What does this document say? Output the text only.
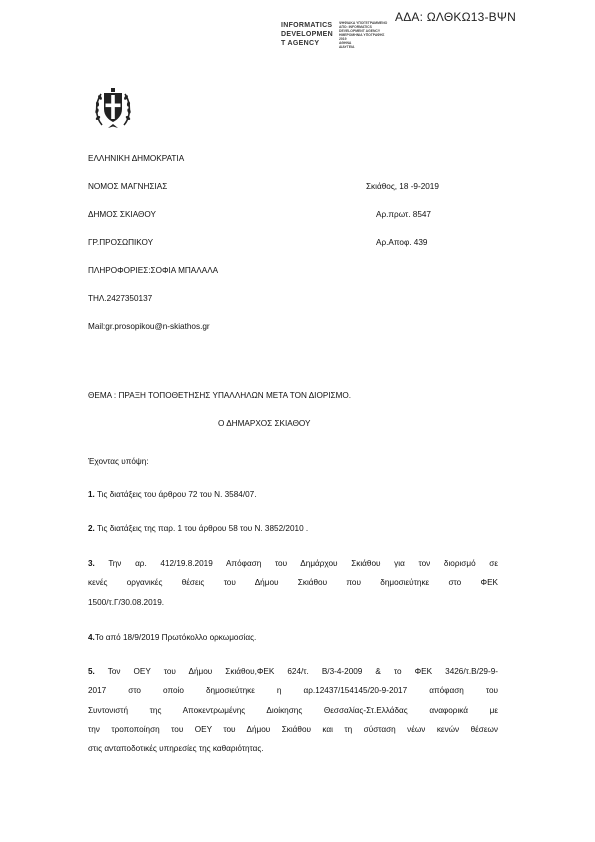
ΑΔΑ: ΩΛΘΚΩ13-ΒΨΝ
INFORMATICS
DEVELOPMEN
T AGENCY
ΨΗΦΙΑΚΑ ΥΠΟΓΕΓΡΑΜΜΕΝΟ
ΑΠΟ: INFORMATICS
DEVELOPMENT AGENCY
ΗΜΕΡΟΜΗΝΙΑ ΥΠΟΓΡΑΦΗΣ
2019
ΑΘΗΝΑ
ΔΙΑΥΓΕΙΑ
ΕΛΛΗΝΙΚΗ ΔΗΜΟΚΡΑΤΙΑ
ΝΟΜΟΣ ΜΑΓΝΗΣΙΑΣ	Σκιάθος, 18 -9-2019
ΔΗΜΟΣ ΣΚΙΑΘΟΥ	Αρ.πρωτ. 8547
ΓΡ.ΠΡΟΣΩΠΙΚΟΥ	Αρ.Αποφ. 439
ΠΛΗΡΟΦΟΡΙΕΣ:ΣΟΦΙΑ ΜΠΑΛΑΛΑ
ΤΗΛ.2427350137
Mail:gr.prosopikou@n-skiathos.gr
ΘΕΜΑ : ΠΡΑΞΗ ΤΟΠΟΘΕΤΗΣΗΣ ΥΠΑΛΛΗΛΩΝ ΜΕΤΑ ΤΟΝ ΔΙΟΡΙΣΜΟ.
Ο ΔΗΜΑΡΧΟΣ ΣΚΙΑΘΟΥ
Έχοντας υπόψη:
1. Τις διατάξεις του άρθρου 72 του Ν. 3584/07.
2. Τις διατάξεις της παρ. 1 του άρθρου 58 του Ν. 3852/2010 .
3. Την αρ. 412/19.8.2019 Απόφαση του Δημάρχου Σκιάθου για τον διορισμό σε
κενές οργανικές θέσεις του Δήμου Σκιάθου που δημοσιεύτηκε στο ΦΕΚ
1500/τ.Γ/30.08.2019.
4.Το από 18/9/2019 Πρωτόκολλο ορκωμοσίας.
5. Τον ΟΕΥ του Δήμου Σκιάθου,ΦΕΚ 624/τ. Β/3-4-2009 & το ΦΕΚ 3426/τ.Β/29-9-
2017 στο οποίο δημοσιεύτηκε η αρ.12437/154145/20-9-2017 απόφαση του
Συντονιστή της Αποκεντρωμένης Διοίκησης Θεσσαλίας-Στ.Ελλάδας αναφορικά με
την τροποποίηση του ΟΕΥ του Δήμου Σκιάθου και τη σύσταση νέων κενών θέσεων
στις ανταποδοτικές υπηρεσίες της καθαριότητας.
